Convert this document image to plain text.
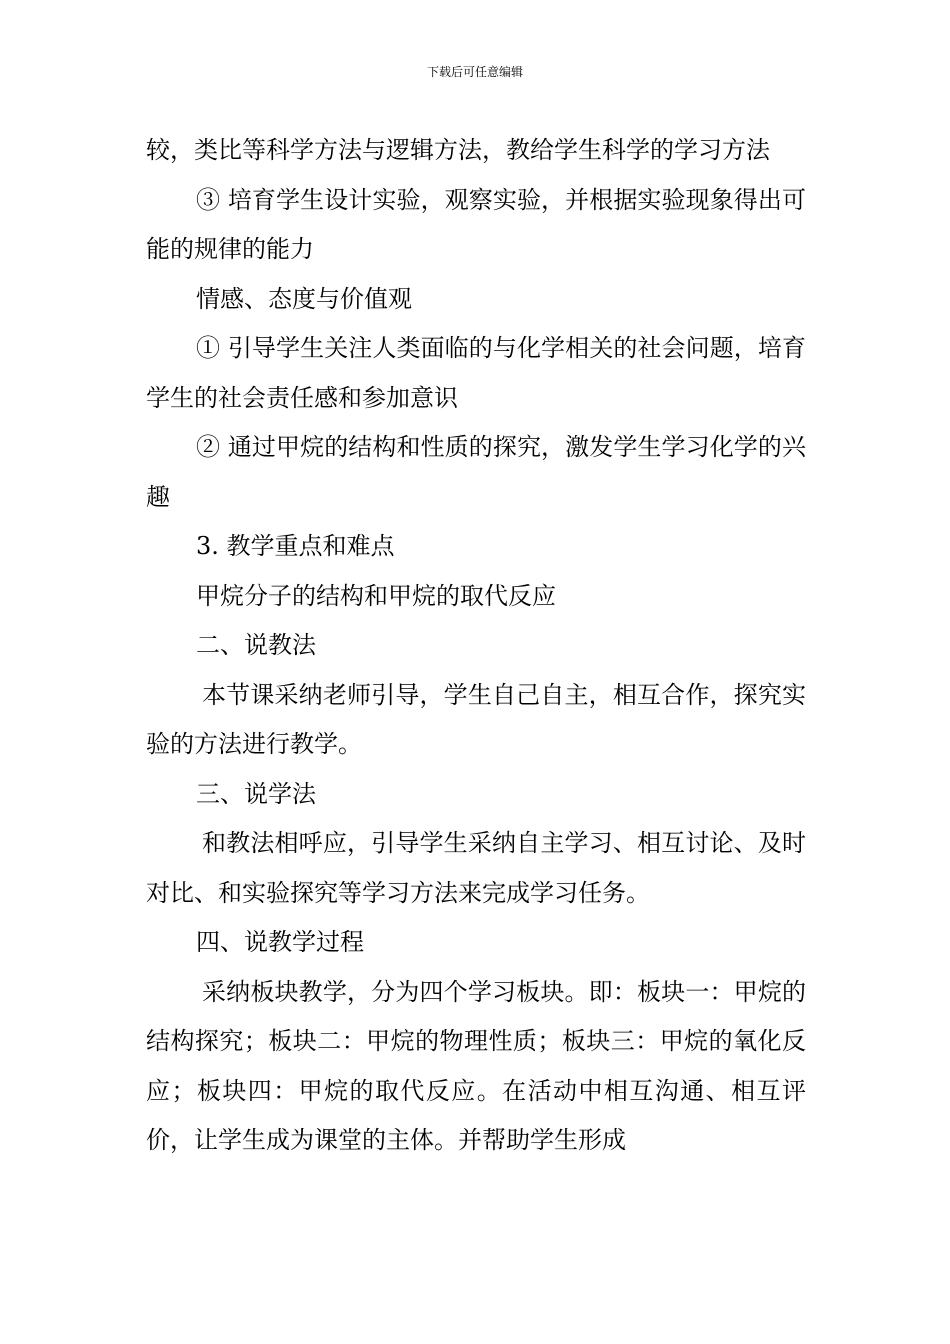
下载后可任意编辑

较，类比等科学方法与逻辑方法，教给学生科学的学习方法

③ 培育学生设计实验，观察实验，并根据实验现象得出可能的规律的能力

情感、态度与价值观

① 引导学生关注人类面临的与化学相关的社会问题，培育学生的社会责任感和参加意识

② 通过甲烷的结构和性质的探究，激发学生学习化学的兴趣

3. 教学重点和难点

甲烷分子的结构和甲烷的取代反应

二、说教法

本节课采纳老师引导，学生自己自主，相互合作，探究实验的方法进行教学。

三、说学法

和教法相呼应，引导学生采纳自主学习、相互讨论、及时对比、和实验探究等学习方法来完成学习任务。

四、说教学过程

采纳板块教学，分为四个学习板块。即：板块一：甲烷的结构探究；板块二：甲烷的物理性质；板块三：甲烷的氧化反应；板块四：甲烷的取代反应。在活动中相互沟通、相互评价，让学生成为课堂的主体。并帮助学生形成
